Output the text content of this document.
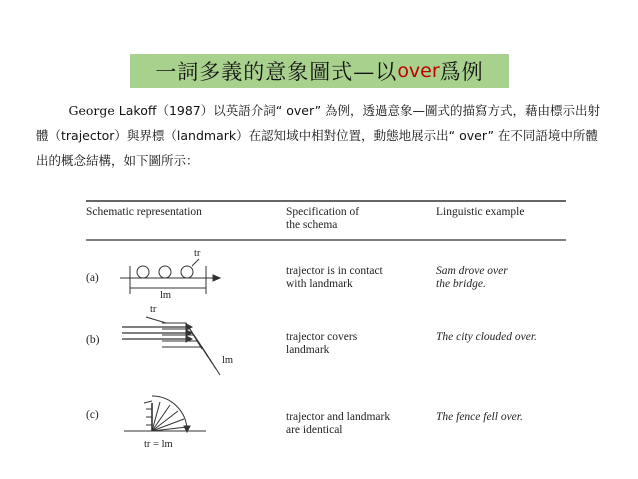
一詞多義的意象圖式—以 over 爲例
George Lakoff（1987）以英語介詞“ over” 為例，透過意象—圖式的描寫方式，藉由標示出射體（trajector）與界標（landmark）在認知域中相對位置，動態地展示出“ over” 在不同語境中所體出的概念結構，如下圖所示：
Schematic representation	Specification of
the schema
Linguistic example
(a)
tr
lm
trajector is in contact
with landmark
Sam drove over
the bridge.
(b)
tr
lm
trajector covers
landmark
The city clouded over.
(c)
tr = lm
trajector and landmark
are identical
The fence fell over.
